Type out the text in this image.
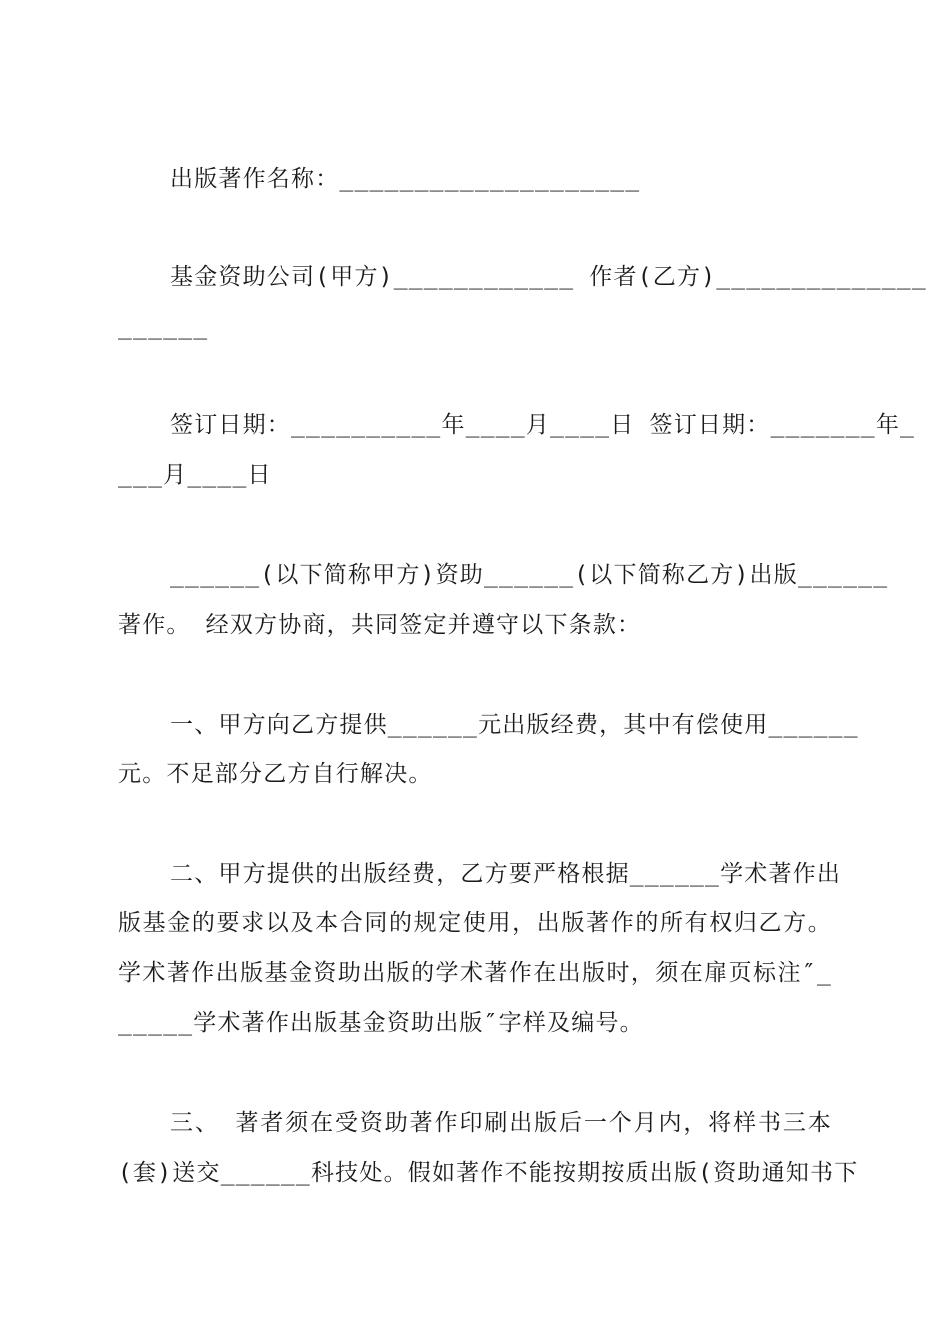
出版著作名称：____________________
基金资助公司(甲方)____________ 作者(乙方)______________
______
签订日期：__________年____月____日 签订日期：_______年_
___月____日
______(以下简称甲方)资助______(以下简称乙方)出版______
著作。 经双方协商，共同签定并遵守以下条款：
一、甲方向乙方提供______元出版经费，其中有偿使用______
元。不足部分乙方自行解决。
二、甲方提供的出版经费，乙方要严格根据______学术著作出
版基金的要求以及本合同的规定使用，出版著作的所有权归乙方。
学术著作出版基金资助出版的学术著作在出版时，须在扉页标注″_
_____学术著作出版基金资助出版″字样及编号。
三、 著者须在受资助著作印刷出版后一个月内，将样书三本
(套)送交______科技处。假如著作不能按期按质出版(资助通知书下
